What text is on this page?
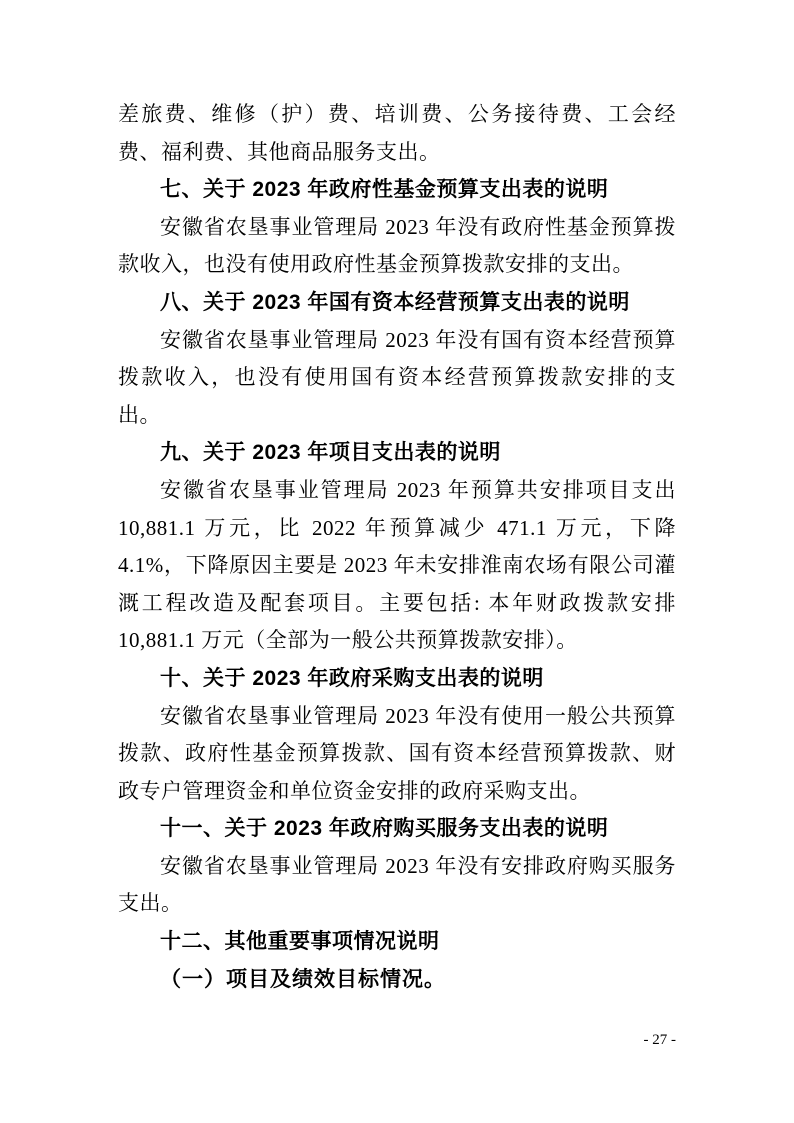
差旅费、维修（护）费、培训费、公务接待费、工会经费、福利费、其他商品服务支出。

七、关于 2023 年政府性基金预算支出表的说明

安徽省农垦事业管理局 2023 年没有政府性基金预算拨款收入，也没有使用政府性基金预算拨款安排的支出。

八、关于 2023 年国有资本经营预算支出表的说明

安徽省农垦事业管理局 2023 年没有国有资本经营预算拨款收入，也没有使用国有资本经营预算拨款安排的支出。

九、关于 2023 年项目支出表的说明

安徽省农垦事业管理局 2023 年预算共安排项目支出 10,881.1 万元，比 2022 年预算减少 471.1 万元，下降 4.1%，下降原因主要是 2023 年未安排淮南农场有限公司灌溉工程改造及配套项目。主要包括: 本年财政拨款安排 10,881.1 万元（全部为一般公共预算拨款安排）。

十、关于 2023 年政府采购支出表的说明

安徽省农垦事业管理局 2023 年没有使用一般公共预算拨款、政府性基金预算拨款、国有资本经营预算拨款、财政专户管理资金和单位资金安排的政府采购支出。

十一、关于 2023 年政府购买服务支出表的说明

安徽省农垦事业管理局 2023 年没有安排政府购买服务支出。

十二、其他重要事项情况说明

（一）项目及绩效目标情况。

- 27 -
